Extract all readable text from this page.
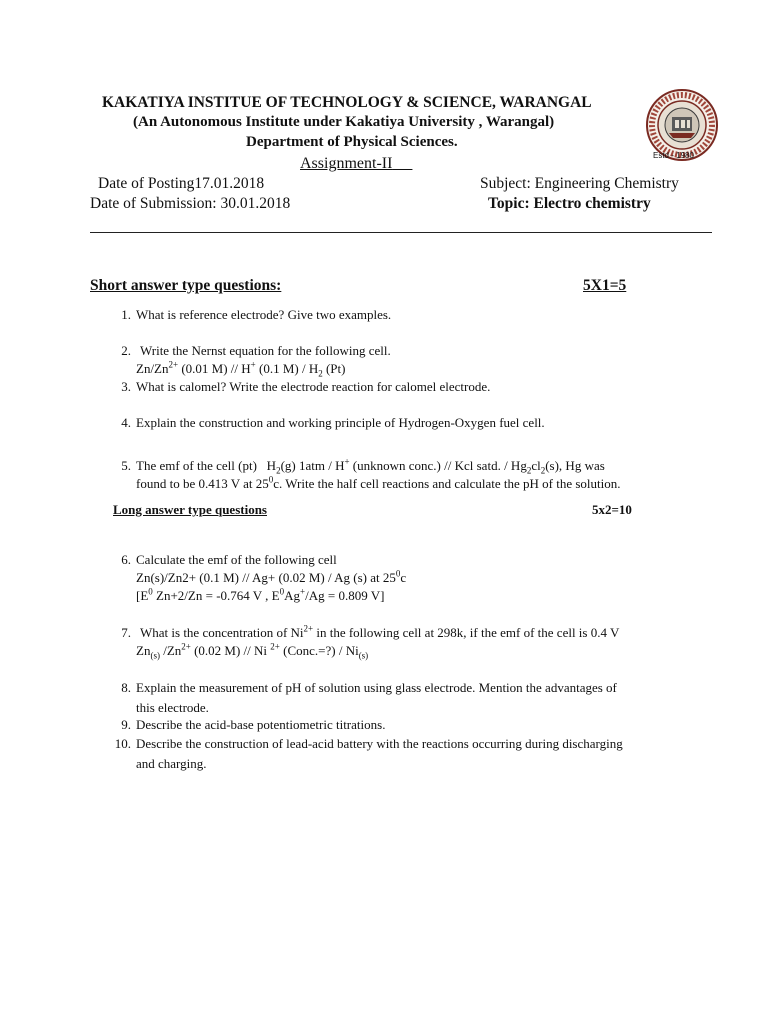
KAKATIYA INSTITUE OF TECHNOLOGY & SCIENCE, WARANGAL
(An Autonomous Institute under Kakatiya University , Warangal)
Department of Physical Sciences.
Assignment-II	Estd - 1980
Date of Posting17.01.2018
Date of Submission: 30.01.2018
Subject: Engineering Chemistry
Topic: Electro chemistry
Short answer type questions:	5X1=5
1. What is reference electrode? Give two examples.
2. Write the Nernst equation for the following cell.
$Zn/Zn^{2+}$ (0.01 M) // H+ (0.1 $M) / H_2$ (Pt)
3. What is calomel? Write the electrode reaction for calomel electrode.
4. Explain the construction and working principle of Hydrogen-Oxygen fuel cell.
5. The emf of the cell (pt)   $H_2(g)$ 1atm / H+ (unknown conc.) // Kcl satd. / $Hg_2cl_2(s)$, Hg was
found to be 0.413 V at $25^0c$. Write the half cell reactions and calculate the pH of the solution.
Long answer type questions	5x2=10
6. Calculate the emf of the following cell
Zn(s)/Zn2+ (0.1 M) // Ag+ (0.02 M) / Ag (s) at $25^0c$
[$E^0$ Zn+2/Zn = -0.764 V , $E^0Ag^+/Ag = 0.809$ V]
7. What is the concentration of $Ni^{2+}$ in the following cell at 298k, if the emf of the cell is 0.4 V
$Zn_{(s)}$ $/Zn^{2+}$ (0.02 M) // Ni $^{2+}$ (Conc.=?) / $Ni_{(s)}$
8. Explain the measurement of pH of solution using glass electrode. Mention the advantages of
this electrode.
9. Describe the acid-base potentiometric titrations.
10. Describe the construction of lead-acid battery with the reactions occurring during discharging
and charging.
